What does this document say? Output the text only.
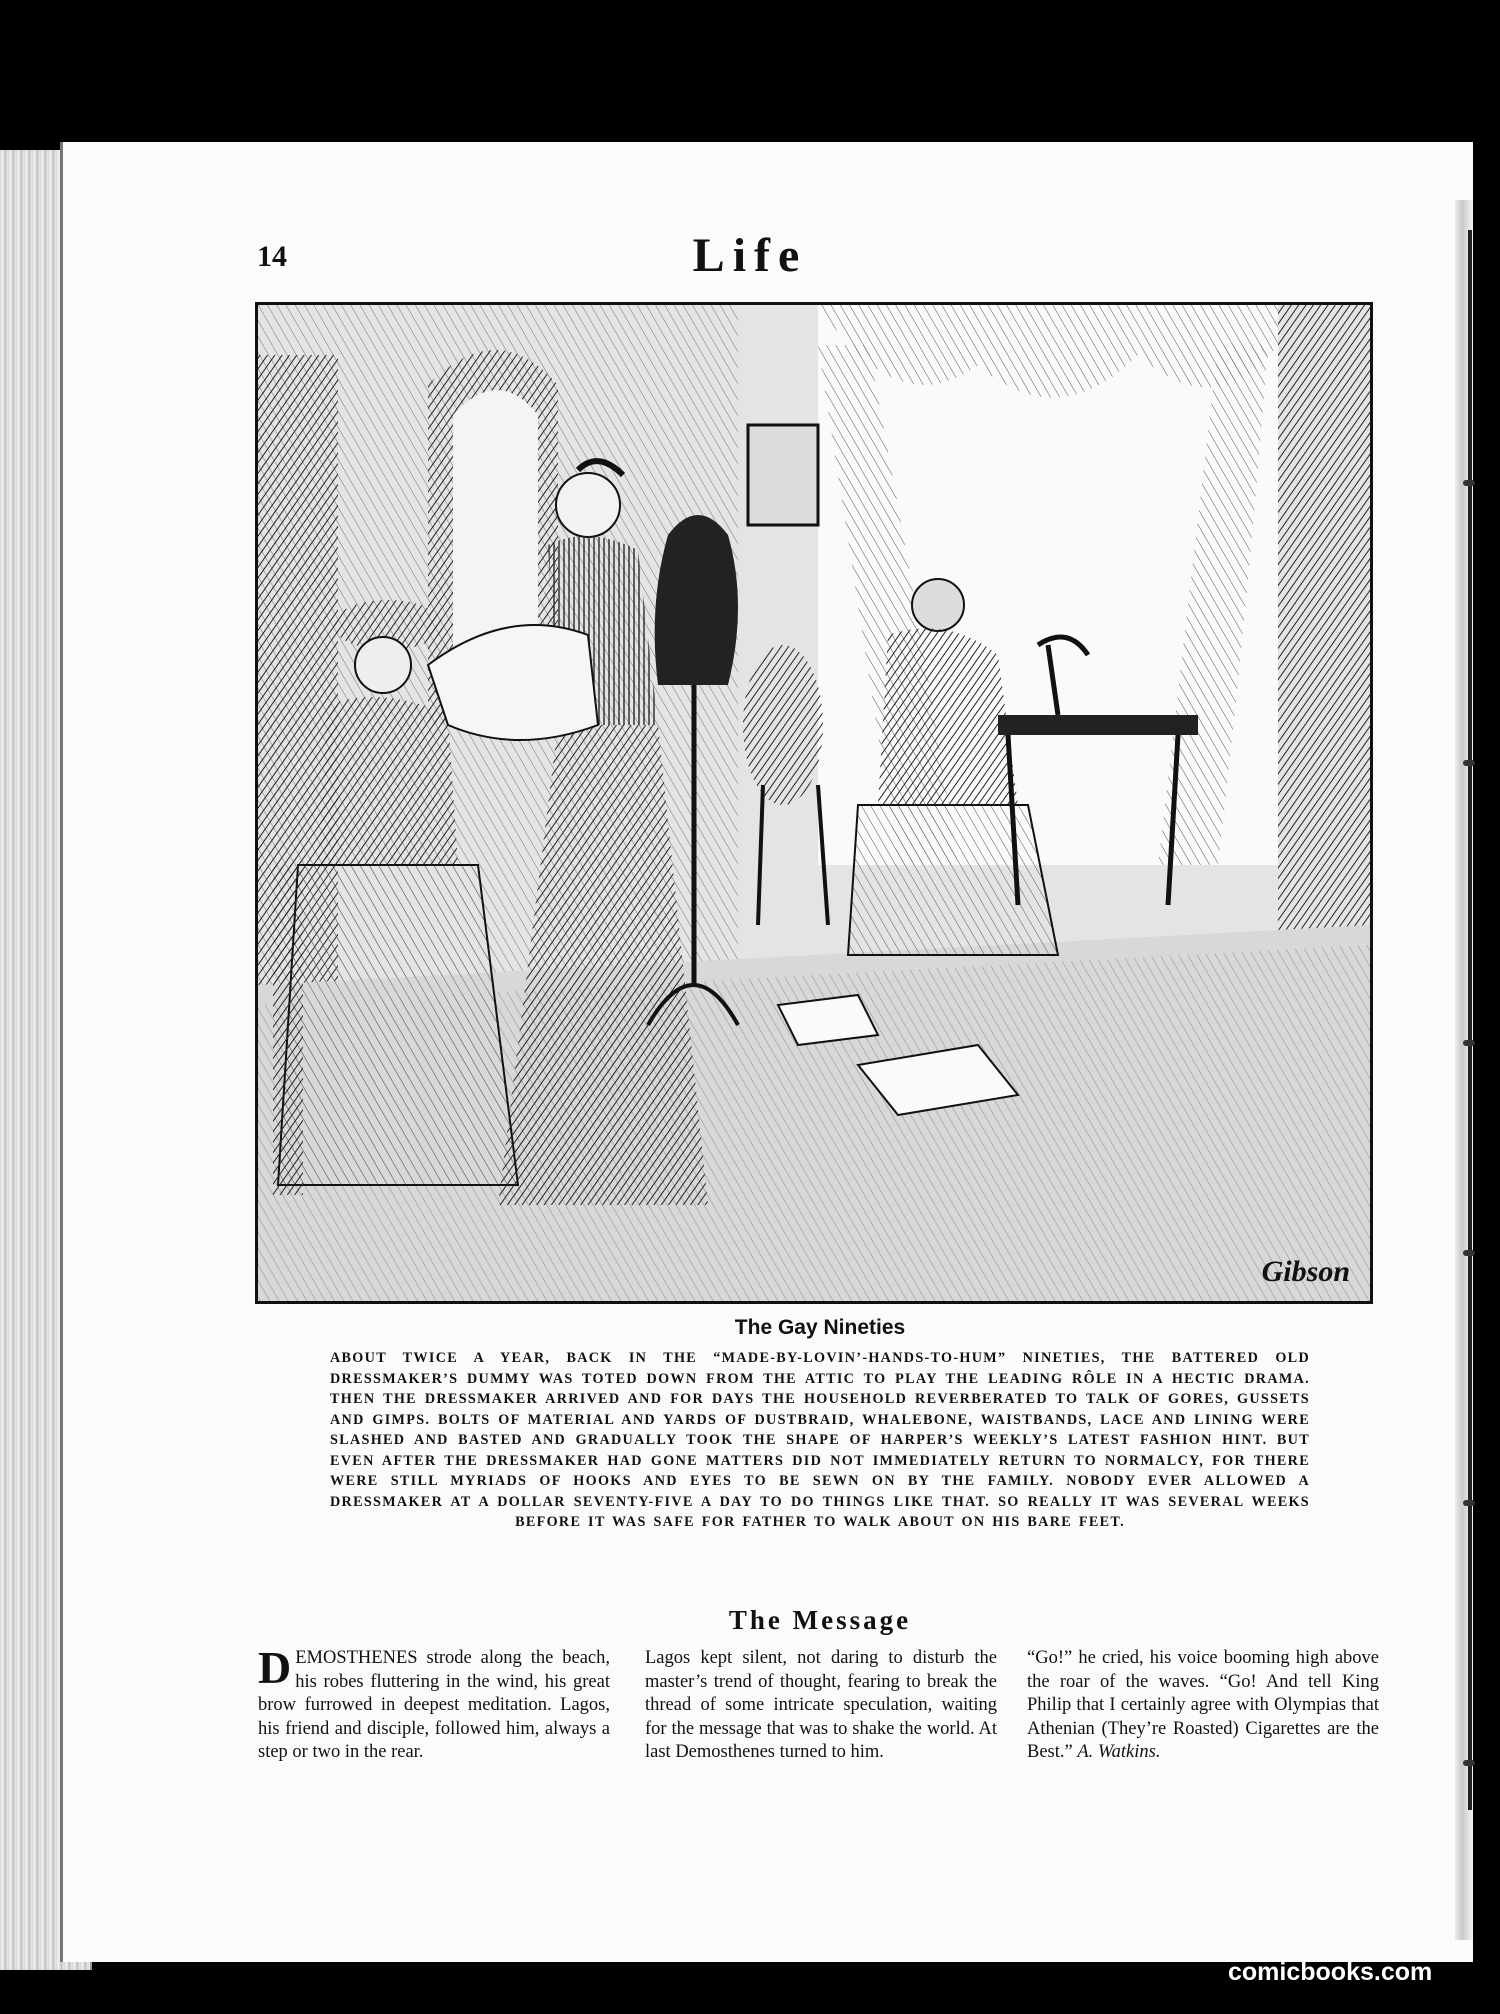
14	Life
Gibson
The Gay Nineties
ABOUT TWICE A YEAR, BACK IN THE “MADE-BY-LOVIN’-HANDS-TO-HUM” NINETIES, THE BATTERED OLD DRESSMAKER’S DUMMY WAS TOTED DOWN FROM THE ATTIC TO PLAY THE LEADING RÔLE IN A HECTIC DRAMA. THEN THE DRESSMAKER ARRIVED AND FOR DAYS THE HOUSEHOLD REVERBERATED TO TALK OF GORES, GUSSETS AND GIMPS. BOLTS OF MATERIAL AND YARDS OF DUSTBRAID, WHALEBONE, WAISTBANDS, LACE AND LINING WERE SLASHED AND BASTED AND GRADUALLY TOOK THE SHAPE OF HARPER’S WEEKLY’S LATEST FASHION HINT. BUT EVEN AFTER THE DRESSMAKER HAD GONE MATTERS DID NOT IMMEDIATELY RETURN TO NORMALCY, FOR THERE WERE STILL MYRIADS OF HOOKS AND EYES TO BE SEWN ON BY THE FAMILY. NOBODY EVER ALLOWED A DRESSMAKER AT A DOLLAR SEVENTY-FIVE A DAY TO DO THINGS LIKE THAT. SO REALLY IT WAS SEVERAL WEEKS BEFORE IT WAS SAFE FOR FATHER TO WALK ABOUT ON HIS BARE FEET.
The Message
DEMOSTHENES strode along the beach, his robes fluttering in the wind, his great brow furrowed in deepest meditation. Lagos, his friend and disciple, followed him, always a step or two in the rear.
Lagos kept silent, not daring to disturb the master’s trend of thought, fearing to break the thread of some intricate speculation, waiting for the message that was to shake the world. At last Demosthenes turned to him.
“Go!” he cried, his voice booming high above the roar of the waves. “Go! And tell King Philip that I certainly agree with Olympias that Athenian (They’re Roasted) Cigarettes are the Best.” A. Watkins.
comicbooks.com
